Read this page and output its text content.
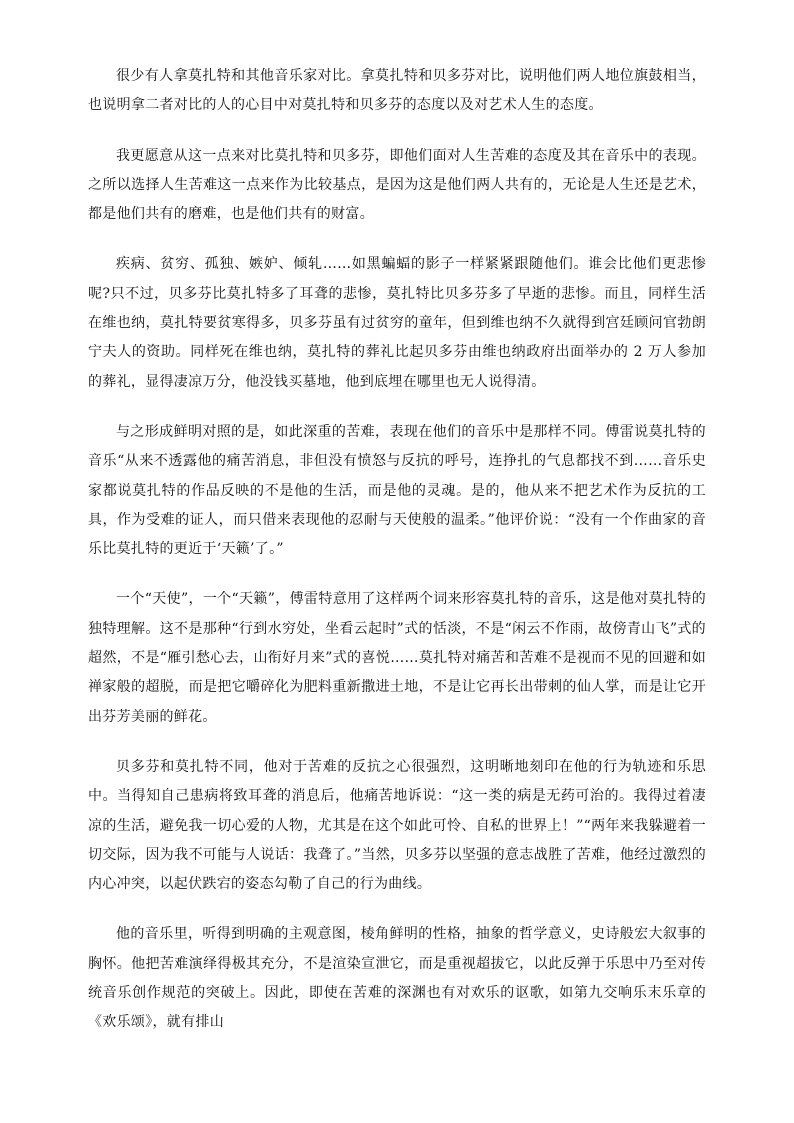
很少有人拿莫扎特和其他音乐家对比。拿莫扎特和贝多芬对比，说明他们两人地位旗鼓相当，也说明拿二者对比的人的心目中对莫扎特和贝多芬的态度以及对艺术人生的态度。

我更愿意从这一点来对比莫扎特和贝多芬，即他们面对人生苦难的态度及其在音乐中的表现。之所以选择人生苦难这一点来作为比较基点，是因为这是他们两人共有的，无论是人生还是艺术，都是他们共有的磨难，也是他们共有的财富。

疾病、贫穷、孤独、嫉妒、倾轧……如黑蝙蝠的影子一样紧紧跟随他们。谁会比他们更悲惨呢?只不过，贝多芬比莫扎特多了耳聋的悲惨，莫扎特比贝多芬多了早逝的悲惨。而且，同样生活在维也纳，莫扎特要贫寒得多，贝多芬虽有过贫穷的童年，但到维也纳不久就得到宫廷顾问官勃朗宁夫人的资助。同样死在维也纳，莫扎特的葬礼比起贝多芬由维也纳政府出面举办的 2 万人参加的葬礼，显得凄凉万分，他没钱买墓地，他到底埋在哪里也无人说得清。

与之形成鲜明对照的是，如此深重的苦难，表现在他们的音乐中是那样不同。傅雷说莫扎特的音乐“从来不透露他的痛苦消息，非但没有愤怒与反抗的呼号，连挣扎的气息都找不到……音乐史家都说莫扎特的作品反映的不是他的生活，而是他的灵魂。是的，他从来不把艺术作为反抗的工具，作为受难的证人，而只借来表现他的忍耐与天使般的温柔。”他评价说：“没有一个作曲家的音乐比莫扎特的更近于‘天籁’了。”

一个“天使”，一个“天籁”，傅雷特意用了这样两个词来形容莫扎特的音乐，这是他对莫扎特的独特理解。这不是那种“行到水穷处，坐看云起时”式的恬淡，不是“闲云不作雨，故傍青山飞”式的超然，不是“雁引愁心去，山衔好月来”式的喜悦……莫扎特对痛苦和苦难不是视而不见的回避和如禅家般的超脱，而是把它嚼碎化为肥料重新撒进土地，不是让它再长出带刺的仙人掌，而是让它开出芬芳美丽的鲜花。

贝多芬和莫扎特不同，他对于苦难的反抗之心很强烈，这明晰地刻印在他的行为轨迹和乐思中。当得知自己患病将致耳聋的消息后，他痛苦地诉说：“这一类的病是无药可治的。我得过着凄凉的生活，避免我一切心爱的人物，尤其是在这个如此可怜、自私的世界上！”“两年来我躲避着一切交际，因为我不可能与人说话：我聋了。”当然，贝多芬以坚强的意志战胜了苦难，他经过激烈的内心冲突，以起伏跌宕的姿态勾勒了自己的行为曲线。

他的音乐里，听得到明确的主观意图，棱角鲜明的性格，抽象的哲学意义，史诗般宏大叙事的胸怀。他把苦难演绎得极其充分，不是渲染宣泄它，而是重视超拔它，以此反弹于乐思中乃至对传统音乐创作规范的突破上。因此，即使在苦难的深渊也有对欢乐的讴歌，如第九交响乐末乐章的《欢乐颂》，就有排山
